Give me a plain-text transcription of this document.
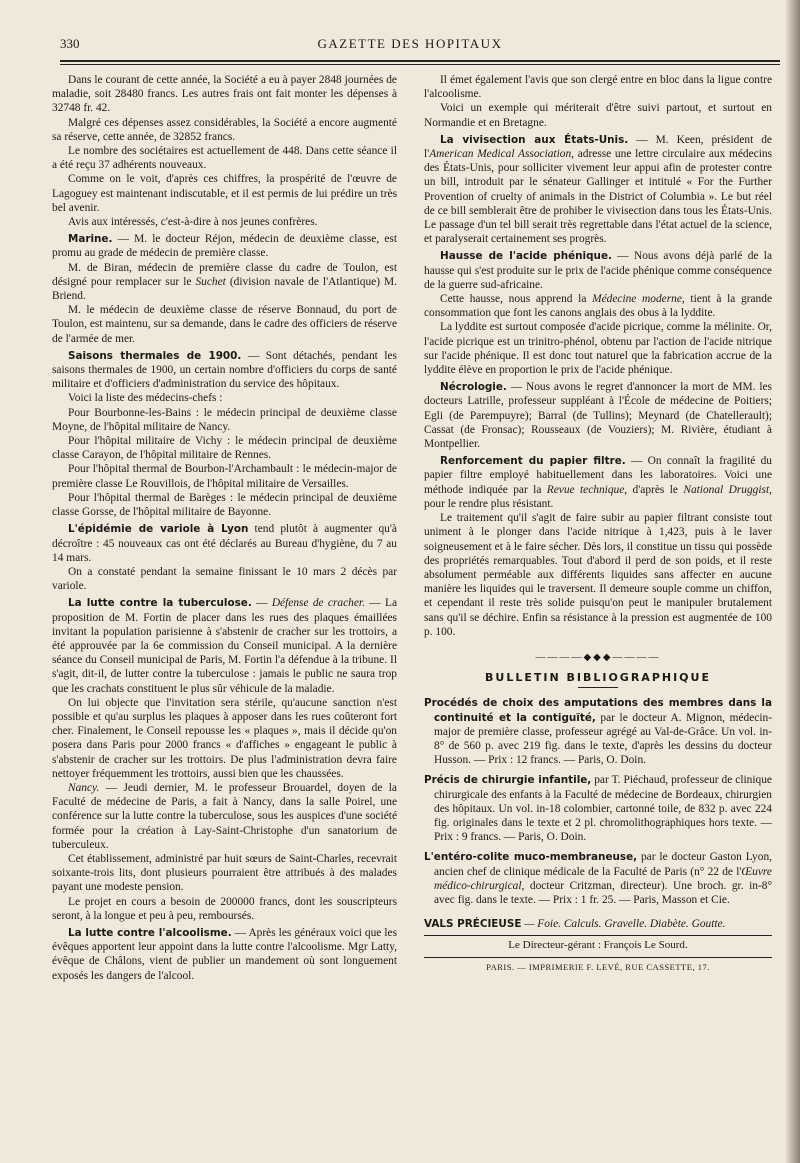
330	GAZETTE DES HOPITAUX

Dans le courant de cette année, la Société a eu à payer 2848 journées de maladie, soit 28480 francs. Les autres frais ont fait monter les dépenses à 32748 fr. 42.

Malgré ces dépenses assez considérables, la Société a encore augmenté sa réserve, cette année, de 32852 francs.

Le nombre des sociétaires est actuellement de 448. Dans cette séance il a été reçu 37 adhérents nouveaux.

Comme on le voit, d'après ces chiffres, la prospérité de l'œuvre de Lagoguey est maintenant indiscutable, et il est permis de lui prédire un très bel avenir.

Avis aux intéressés, c'est-à-dire à nos jeunes confrères.

Marine. — M. le docteur Réjon, médecin de deuxième classe, est promu au grade de médecin de première classe.

M. de Biran, médecin de première classe du cadre de Toulon, est désigné pour remplacer sur le Suchet (division navale de l'Atlantique) M. Briend.

M. le médecin de deuxième classe de réserve Bonnaud, du port de Toulon, est maintenu, sur sa demande, dans le cadre des officiers de réserve de l'armée de mer.

Saisons thermales de 1900. — Sont détachés, pendant les saisons thermales de 1900, un certain nombre d'officiers du corps de santé militaire et d'officiers d'administration du service des hôpitaux.

Voici la liste des médecins-chefs :

Pour Bourbonne-les-Bains : le médecin principal de deuxième classe Moyne, de l'hôpital militaire de Nancy.

Pour l'hôpital militaire de Vichy : le médecin principal de deuxième classe Carayon, de l'hôpital militaire de Rennes.

Pour l'hôpital thermal de Bourbon-l'Archambault : le médecin-major de première classe Le Rouvillois, de l'hôpital militaire de Versailles.

Pour l'hôpital thermal de Barèges : le médecin principal de deuxième classe Gorsse, de l'hôpital militaire de Bayonne.

L'épidémie de variole à Lyon tend plutôt à augmenter qu'à décroître : 45 nouveaux cas ont été déclarés au Bureau d'hygiène, du 7 au 14 mars.

On a constaté pendant la semaine finissant le 10 mars 2 décès par variole.

La lutte contre la tuberculose. — Défense de cracher. — La proposition de M. Fortin de placer dans les rues des plaques émaillées invitant la population parisienne à s'abstenir de cracher sur les trottoirs, a été approuvée par la 6e commission du Conseil municipal. A la dernière séance du Conseil municipal de Paris, M. Fortin l'a défendue à la tribune. Il s'agit, dit-il, de lutter contre la tuberculose : jamais le public ne saura trop que les crachats constituent le plus sûr véhicule de la maladie.

On lui objecte que l'invitation sera stérile, qu'aucune sanction n'est possible et qu'au surplus les plaques à apposer dans les rues coûteront fort cher. Finalement, le Conseil repousse les « plaques », mais il décide qu'on posera dans Paris pour 2000 francs « d'affiches » engageant le public à s'abstenir de cracher sur les trottoirs. De plus l'administration devra faire nettoyer fréquemment les trottoirs, aussi bien que les chaussées.

Nancy. — Jeudi dernier, M. le professeur Brouardel, doyen de la Faculté de médecine de Paris, a fait à Nancy, dans la salle Poirel, une conférence sur la lutte contre la tuberculose, sous les auspices d'une société formée pour la création à Lay-Saint-Christophe d'un sanatorium de tuberculeux.

Cet établissement, administré par huit sœurs de Saint-Charles, recevrait soixante-trois lits, dont plusieurs pourraient être attribués à des malades payant une modeste pension.

Le projet en cours a besoin de 200000 francs, dont les souscripteurs seront, à la longue et peu à peu, remboursés.

La lutte contre l'alcoolisme. — Après les généraux voici que les évêques apportent leur appoint dans la lutte contre l'alcoolisme. Mgr Latty, évêque de Châlons, vient de publier un mandement où sont longuement exposés les dangers de l'alcool.

Il émet également l'avis que son clergé entre en bloc dans la ligue contre l'alcoolisme.

Voici un exemple qui mériterait d'être suivi partout, et surtout en Normandie et en Bretagne.

La vivisection aux États-Unis. — M. Keen, président de l'American Medical Association, adresse une lettre circulaire aux médecins des États-Unis, pour solliciter vivement leur appui afin de protester contre un bill, introduit par le sénateur Gallinger et intitulé « For the Further Provention of cruelty of animals in the District of Columbia ». Le but réel de ce bill semblerait être de prohiber le vivisection dans tous les États-Unis. Le passage d'un tel bill serait très regrettable dans l'état actuel de la science, et paralyserait certainement ses progrès.

Hausse de l'acide phénique. — Nous avons déjà parlé de la hausse qui s'est produite sur le prix de l'acide phénique comme conséquence de la guerre sud-africaine.

Cette hausse, nous apprend la Médecine moderne, tient à la grande consommation que font les canons anglais des obus à la lyddite.

La lyddite est surtout composée d'acide picrique, comme la mélinite. Or, l'acide picrique est un trinitro-phénol, obtenu par l'action de l'acide nitrique sur l'acide phénique. Il est donc tout naturel que la fabrication accrue de la lyddite élève en proportion le prix de l'acide phénique.

Nécrologie. — Nous avons le regret d'annoncer la mort de MM. les docteurs Latrille, professeur suppléant à l'École de médecine de Poitiers; Egli (de Parempuyre); Barral (de Tullins); Meynard (de Chatellerault); Cassat (de Fronsac); Rousseaux (de Vouziers); M. Rivière, étudiant à Montpellier.

Renforcement du papier filtre. — On connaît la fragilité du papier filtre employé habituellement dans les laboratoires. Voici une méthode indiquée par la Revue technique, d'après le National Druggist, pour le rendre plus résistant.

Le traitement qu'il s'agit de faire subir au papier filtrant consiste tout uniment à le plonger dans l'acide nitrique à 1,423, puis à le laver soigneusement et à le faire sécher. Dès lors, il constitue un tissu qui possède des propriétés remarquables. Tout d'abord il perd de son poids, et il reste absolument perméable aux différents liquides sans affecter en aucune manière les liquides qui le traversent. Il demeure souple comme un chiffon, et cependant il reste très solide puisqu'on peut le manipuler brutalement sans qu'il se déchire. Enfin sa résistance à la pression est augmentée de 100 p. 100.

————◆◆◆————
BULLETIN BIBLIOGRAPHIQUE

Procédés de choix des amputations des membres dans la continuité et la contiguïté, par le docteur A. Mignon, médecin-major de première classe, professeur agrégé au Val-de-Grâce. Un vol. in-8° de 560 p. avec 219 fig. dans le texte, d'après les dessins du docteur Husson. — Prix : 12 francs. — Paris, O. Doin.

Précis de chirurgie infantile, par T. Piéchaud, professeur de clinique chirurgicale des enfants à la Faculté de médecine de Bordeaux, chirurgien des hôpitaux. Un vol. in-18 colombier, cartonné toile, de 832 p. avec 224 fig. originales dans le texte et 2 pl. chromolithographiques hors texte. — Prix : 9 francs. — Paris, O. Doin.

L'entéro-colite muco-membraneuse, par le docteur Gaston Lyon, ancien chef de clinique médicale de la Faculté de Paris (n° 22 de l'Œuvre médico-chirurgical, docteur Critzman, directeur). Une broch. gr. in-8° avec fig. dans le texte. — Prix : 1 fr. 25. — Paris, Masson et Cie.

VALS PRÉCIEUSE — Foie. Calculs. Gravelle. Diabète. Goutte.

Le Directeur-gérant : François Le Sourd.
PARIS. — IMPRIMERIE F. LEVÉ, RUE CASSETTE, 17.
